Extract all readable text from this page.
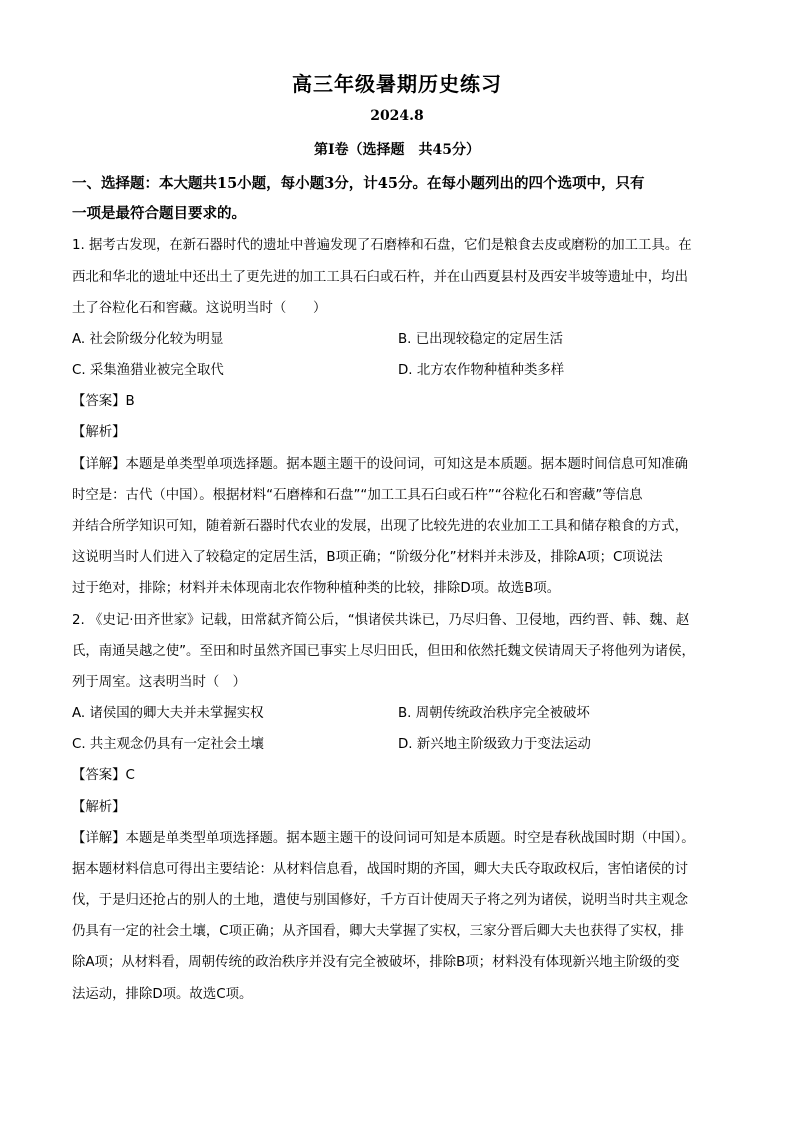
高三年级暑期历史练习
2024.8
第Ⅰ卷（选择题　共45分）
一、选择题：本大题共15小题，每小题3分，计45分。在每小题列出的四个选项中，只有
一项是最符合题目要求的。
1. 据考古发现，在新石器时代的遗址中普遍发现了石磨棒和石盘，它们是粮食去皮或磨粉的加工工具。在
西北和华北的遗址中还出土了更先进的加工工具石臼或石杵，并在山西夏县村及西安半坡等遗址中，均出
土了谷粒化石和窖藏。这说明当时（　　）
A. 社会阶级分化较为明显	B. 已出现较稳定的定居生活
C. 采集渔猎业被完全取代	D. 北方农作物种植种类多样
【答案】B
【解析】
【详解】本题是单类型单项选择题。据本题主题干的设问词，可知这是本质题。据本题时间信息可知准确
时空是：古代（中国）。根据材料“石磨棒和石盘”“加工工具石臼或石杵”“谷粒化石和窖藏”等信息
并结合所学知识可知，随着新石器时代农业的发展，出现了比较先进的农业加工工具和储存粮食的方式，
这说明当时人们进入了较稳定的定居生活，B项正确；“阶级分化”材料并未涉及，排除A项；C项说法
过于绝对，排除；材料并未体现南北农作物种植种类的比较，排除D项。故选B项。
2. 《史记·田齐世家》记载，田常弑齐简公后，“惧诸侯共诛已，乃尽归鲁、卫侵地，西约晋、韩、魏、赵
氏，南通吴越之使”。至田和时虽然齐国已事实上尽归田氏，但田和依然托魏文侯请周天子将他列为诸侯，
列于周室。这表明当时（　）
A. 诸侯国的卿大夫并未掌握实权	B. 周朝传统政治秩序完全被破坏
C. 共主观念仍具有一定社会土壤	D. 新兴地主阶级致力于变法运动
【答案】C
【解析】
【详解】本题是单类型单项选择题。据本题主题干的设问词可知是本质题。时空是春秋战国时期（中国）。
据本题材料信息可得出主要结论：从材料信息看，战国时期的齐国，卿大夫氏夺取政权后，害怕诸侯的讨
伐，于是归还抢占的别人的土地，遣使与别国修好，千方百计使周天子将之列为诸侯，说明当时共主观念
仍具有一定的社会土壤，C项正确；从齐国看，卿大夫掌握了实权，三家分晋后卿大夫也获得了实权，排
除A项；从材料看，周朝传统的政治秩序并没有完全被破坏，排除B项；材料没有体现新兴地主阶级的变
法运动，排除D项。故选C项。
